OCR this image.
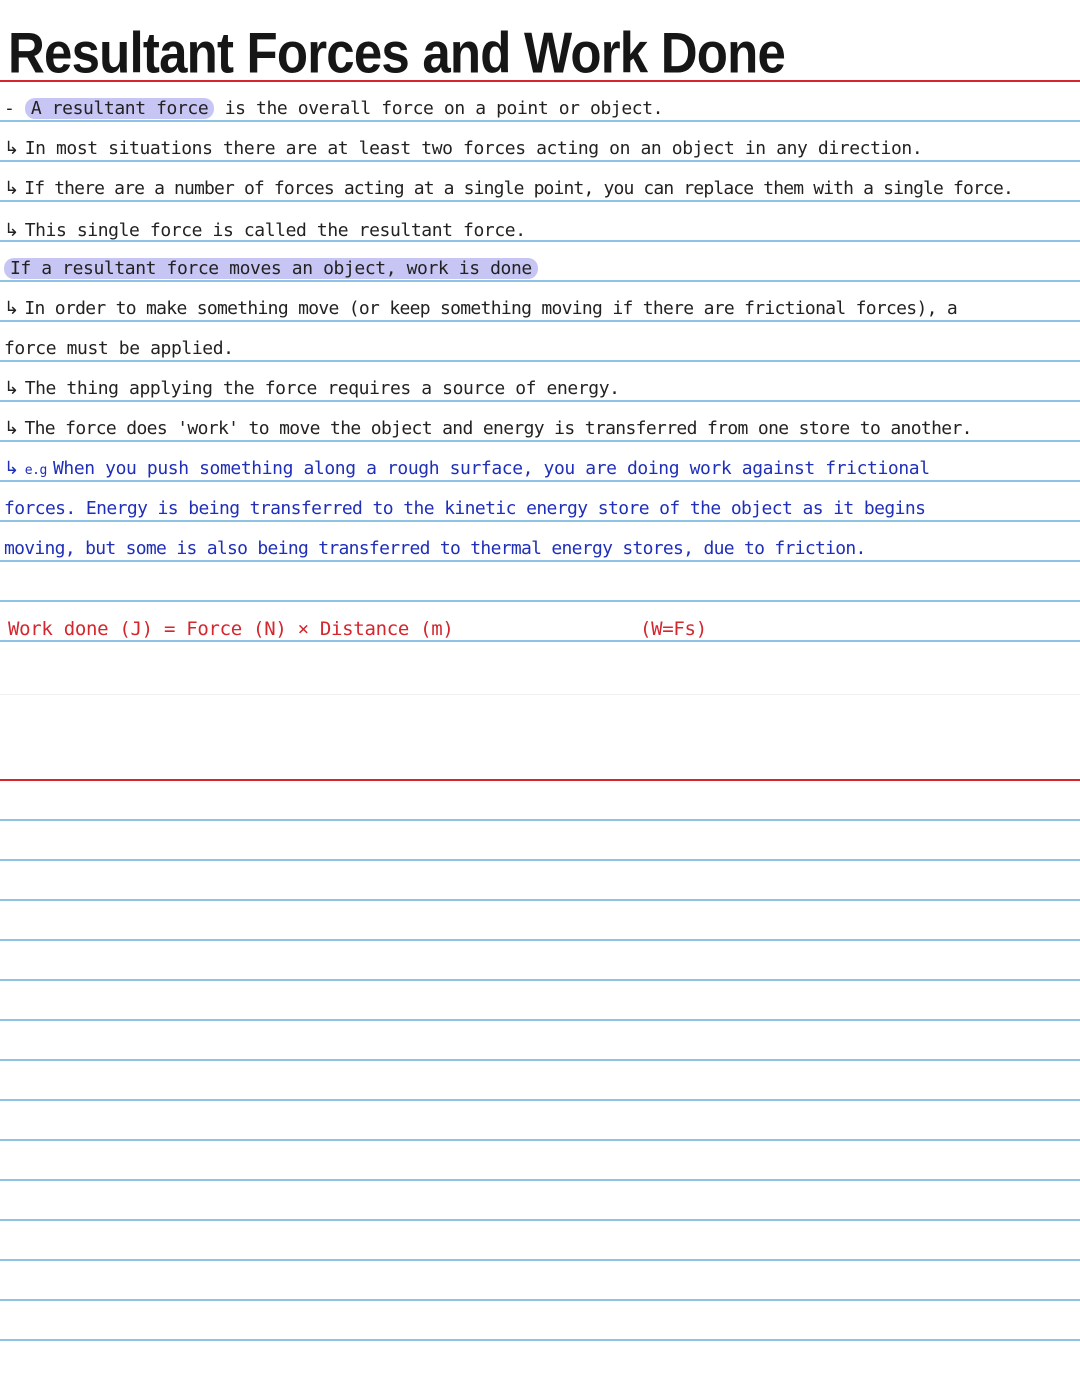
Resultant Forces and Work Done
- A resultant force is the overall force on a point or object.
↳ In most situations there are at least two forces acting on an object in any direction.
↳ If there are a number of forces acting at a single point, you can replace them with a single force.
↳ This single force is called the resultant force.
If a resultant force moves an object, work is done
↳ In order to make something move (or keep something moving if there are frictional forces), a
force must be applied.
↳ The thing applying the force requires a source of energy.
↳ The force does 'work' to move the object and energy is transferred from one store to another.
↳ e.g When you push something along a rough surface, you are doing work against frictional
forces. Energy is being transferred to the kinetic energy store of the object as it begins
moving, but some is also being transferred to thermal energy stores, due to friction.
Work done (J) = Force (N) × Distance (m)	(W=Fs)
